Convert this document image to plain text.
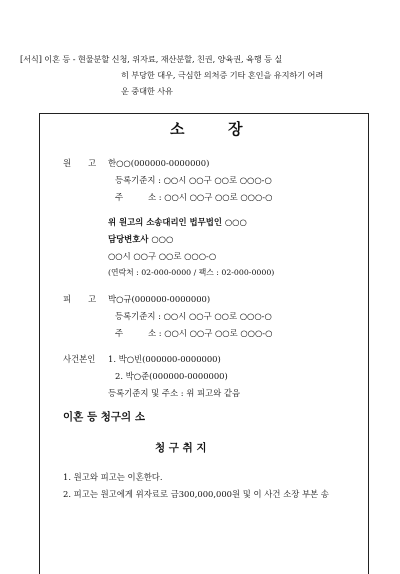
[서식] 이혼 등 - 현물분할 신청, 위자료, 재산분할, 친권, 양육권, 육행 등 실
히 부당한 대우, 극심한 의처증 기타 혼인을 유지하기 어려
운 중대한 사유
소	장
원 고 한○○(000000-0000000)
등록기준지 : ○○시 ○○구 ○○로 ○○○-○
주	소 : ○○시 ○○구 ○○로 ○○○-○
위 원고의 소송대리인 법무법인 ○○○
담당변호사 ○○○
○○시 ○○구 ○○로 ○○○-○
(연락처 : 02-000-0000 / 팩스 : 02-000-0000)
피 고 박○규(000000-0000000)
등록기준지 : ○○시 ○○구 ○○로 ○○○-○
주	소 : ○○시 ○○구 ○○로 ○○○-○
사건본인 1. 박○빈(000000-0000000)
2. 박○준(000000-0000000)
등록기준지 및 주소 : 위 피고와 같음
이혼 등 청구의 소
청 구 취 지
1. 원고와 피고는 이혼한다.
2. 피고는 원고에게 위자료로 금300,000,000원 및 이 사건 소장 부본 송
